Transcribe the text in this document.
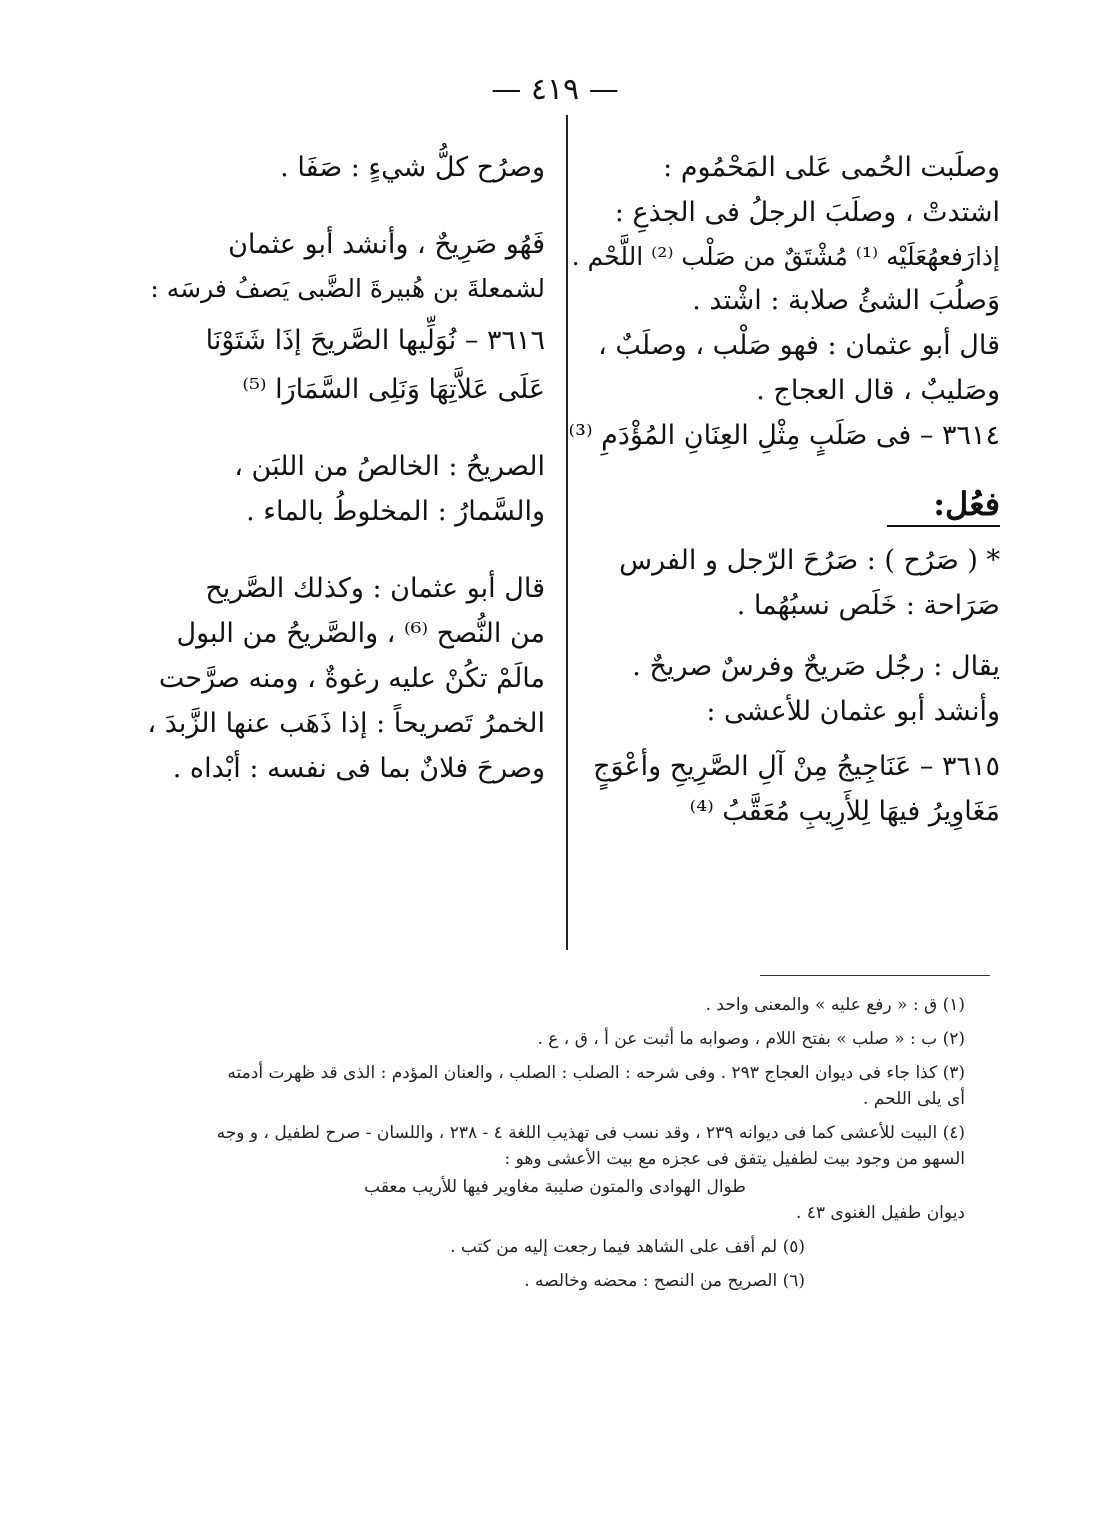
— ٤١٩ —

وصلَبت الحُمى عَلى المَحْمُوم :

اشتدتْ ، وصلَبَ الرجلُ فى الجذعِ :

إذارَفعهُعَلَيْه ⁽¹⁾ مُشْتَقٌ من صَلْب ⁽²⁾ اللَّحْم .

وَصلُبَ الشئُ صلابة : اشْتد .

قال أبو عثمان : فهو صَلْب ، وصلَبٌ ،

وصَليبٌ ، قال العجاج .

٣٦١٤ – فى صَلَبٍ مِثْلِ العِنَانِ المُؤْدَمِ ⁽³⁾

فعُل:

* ( صَرُح ) : صَرُحَ الرّجل و الفرس

صَرَاحة : خَلَص نسبُهُما .

يقال : رجُل صَريحٌ وفرسٌ صريحٌ .

وأنشد أبو عثمان للأعشى :

٣٦١٥ – عَنَاجِيجُ مِنْ آلِ الصَّرِيحِ وأعْوَجٍ

مَغَاوِيرُ فيهَا لِلأَرِيبِ مُعَقَّبُ ⁽⁴⁾

وصرُح كلُّ شيءٍ : صَفَا .

فَهُو صَرِيحٌ ، وأنشد أبو عثمان

لشمعلةَ بن هُبيرةَ الضَّبى يَصفُ فرسَه :

٣٦١٦ – نُوَلِّيها الصَّريحَ إذَا شَتَوْنَا

عَلَى عَلاَّتِهَا وَنَلِى السَّمَارَا ⁽⁵⁾

الصريحُ : الخالصُ من اللبَن ،

والسَّمارُ : المخلوطُ بالماء .

قال أبو عثمان : وكذلك الصَّريح

من النُّصح ⁽⁶⁾ ، والصَّريحُ من البول

مالَمْ تكُنْ عليه رغوةٌ ، ومنه صرَّحت

الخمرُ تَصريحاً : إذا ذَهَب عنها الزَّبدَ ،

وصرحَ فلانٌ بما فى نفسه : أبْداه .

(١) ق : « رفع عليه » والمعنى واحد .

(٢) ب : « صلب » بفتح اللام ، وصوابه ما أثبت عن أ ، ق ، ع .

(٣) كذا جاء فى ديوان العجاج ٢٩٣ . وفى شرحه : الصلب : الصلب ، والعنان المؤدم : الذى قد ظهرت أدمته

أى يلى اللحم .

(٤) البيت للأعشى كما فى ديوانه ٢٣٩ ، وقد نسب فى تهذيب اللغة ٤ - ٢٣٨ ، واللسان - صرح لطفيل ، و وجه

السهو من وجود بيت لطفيل يتفق فى عجزه مع بيت الأعشى وهو :

طوال الهوادى والمتون صليبة مغاوير فيها للأريب معقب

ديوان طفيل الغنوى ٤٣ .

(٥) لم أقف على الشاهد فيما رجعت إليه من كتب .

(٦) الصريح من النصح : محضه وخالصه .
